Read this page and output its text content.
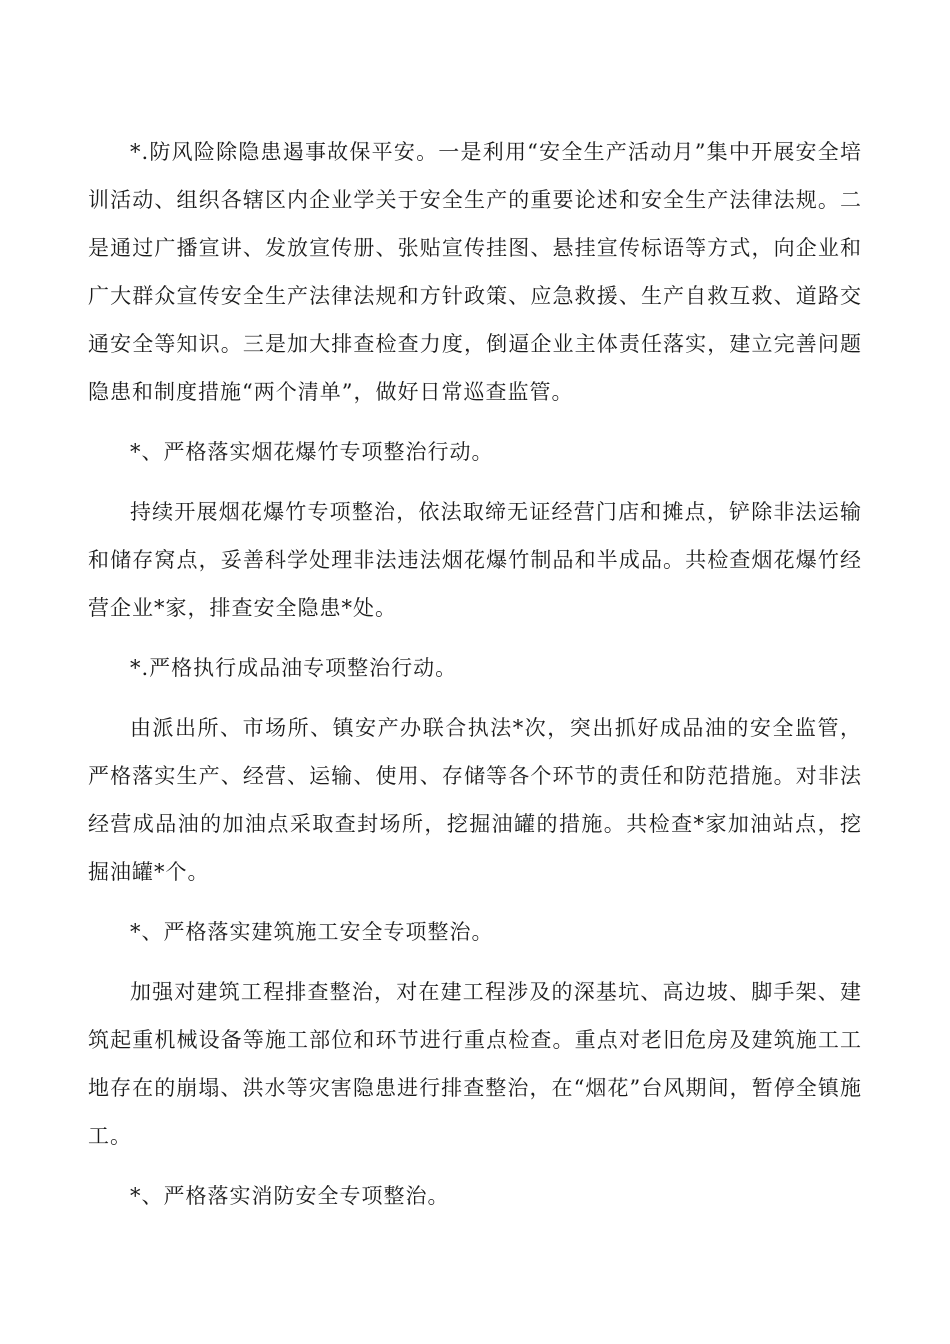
*.防风险除隐患遏事故保平安。一是利用“安全生产活动月”集中开展安全培训活动、组织各辖区内企业学关于安全生产的重要论述和安全生产法律法规。二是通过广播宣讲、发放宣传册、张贴宣传挂图、悬挂宣传标语等方式，向企业和广大群众宣传安全生产法律法规和方针政策、应急救援、生产自救互救、道路交通安全等知识。三是加大排查检查力度，倒逼企业主体责任落实，建立完善问题隐患和制度措施“两个清单”，做好日常巡查监管。

*、严格落实烟花爆竹专项整治行动。

持续开展烟花爆竹专项整治，依法取缔无证经营门店和摊点，铲除非法运输和储存窝点，妥善科学处理非法违法烟花爆竹制品和半成品。共检查烟花爆竹经营企业*家，排查安全隐患*处。

*.严格执行成品油专项整治行动。

由派出所、市场所、镇安产办联合执法*次，突出抓好成品油的安全监管，严格落实生产、经营、运输、使用、存储等各个环节的责任和防范措施。对非法经营成品油的加油点采取查封场所，挖掘油罐的措施。共检查*家加油站点，挖掘油罐*个。

*、严格落实建筑施工安全专项整治。

加强对建筑工程排查整治，对在建工程涉及的深基坑、高边坡、脚手架、建筑起重机械设备等施工部位和环节进行重点检查。重点对老旧危房及建筑施工工地存在的崩塌、洪水等灾害隐患进行排查整治，在“烟花”台风期间，暂停全镇施工。

*、严格落实消防安全专项整治。
